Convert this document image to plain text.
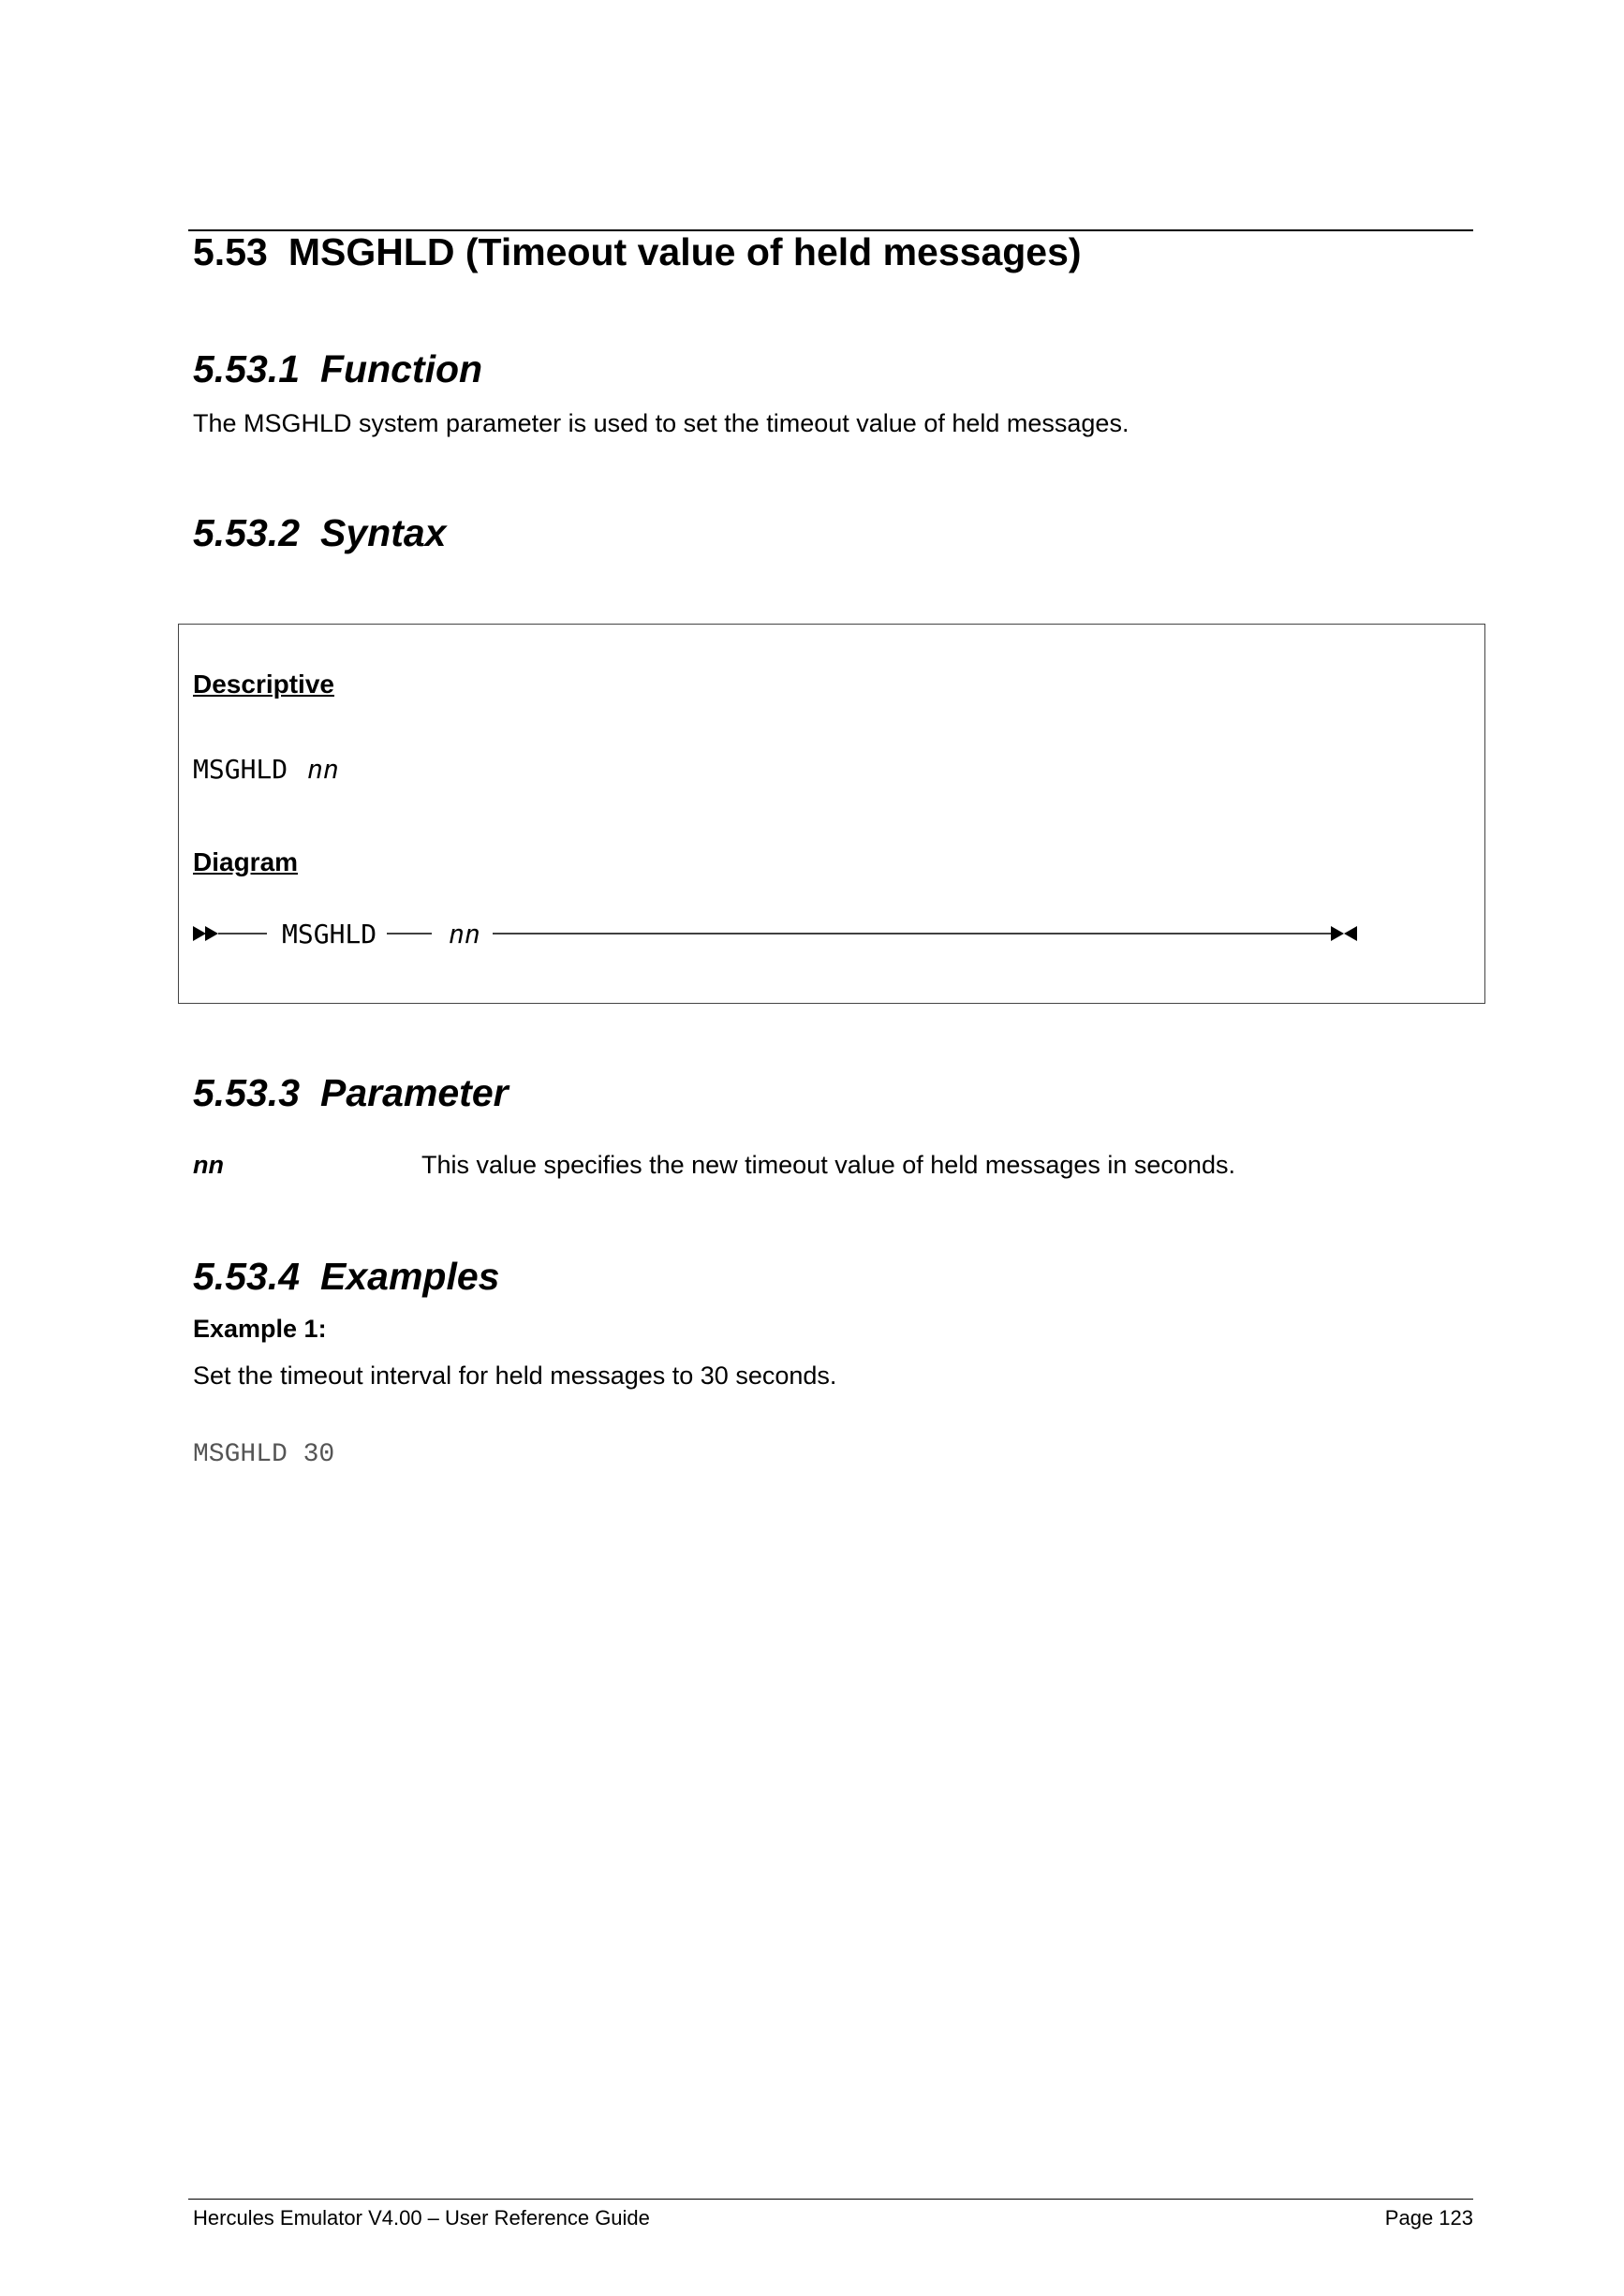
5.53 MSGHLD (Timeout value of held messages)
5.53.1 Function
The MSGHLD system parameter is used to set the timeout value of held messages.
5.53.2 Syntax
Descriptive
MSGHLD nn
Diagram
MSGHLD	nn
5.53.3 Parameter
nn	This value specifies the new timeout value of held messages in seconds.
5.53.4 Examples
Example 1:
Set the timeout interval for held messages to 30 seconds.
MSGHLD 30
Hercules Emulator V4.00 – User Reference Guide	Page 123
